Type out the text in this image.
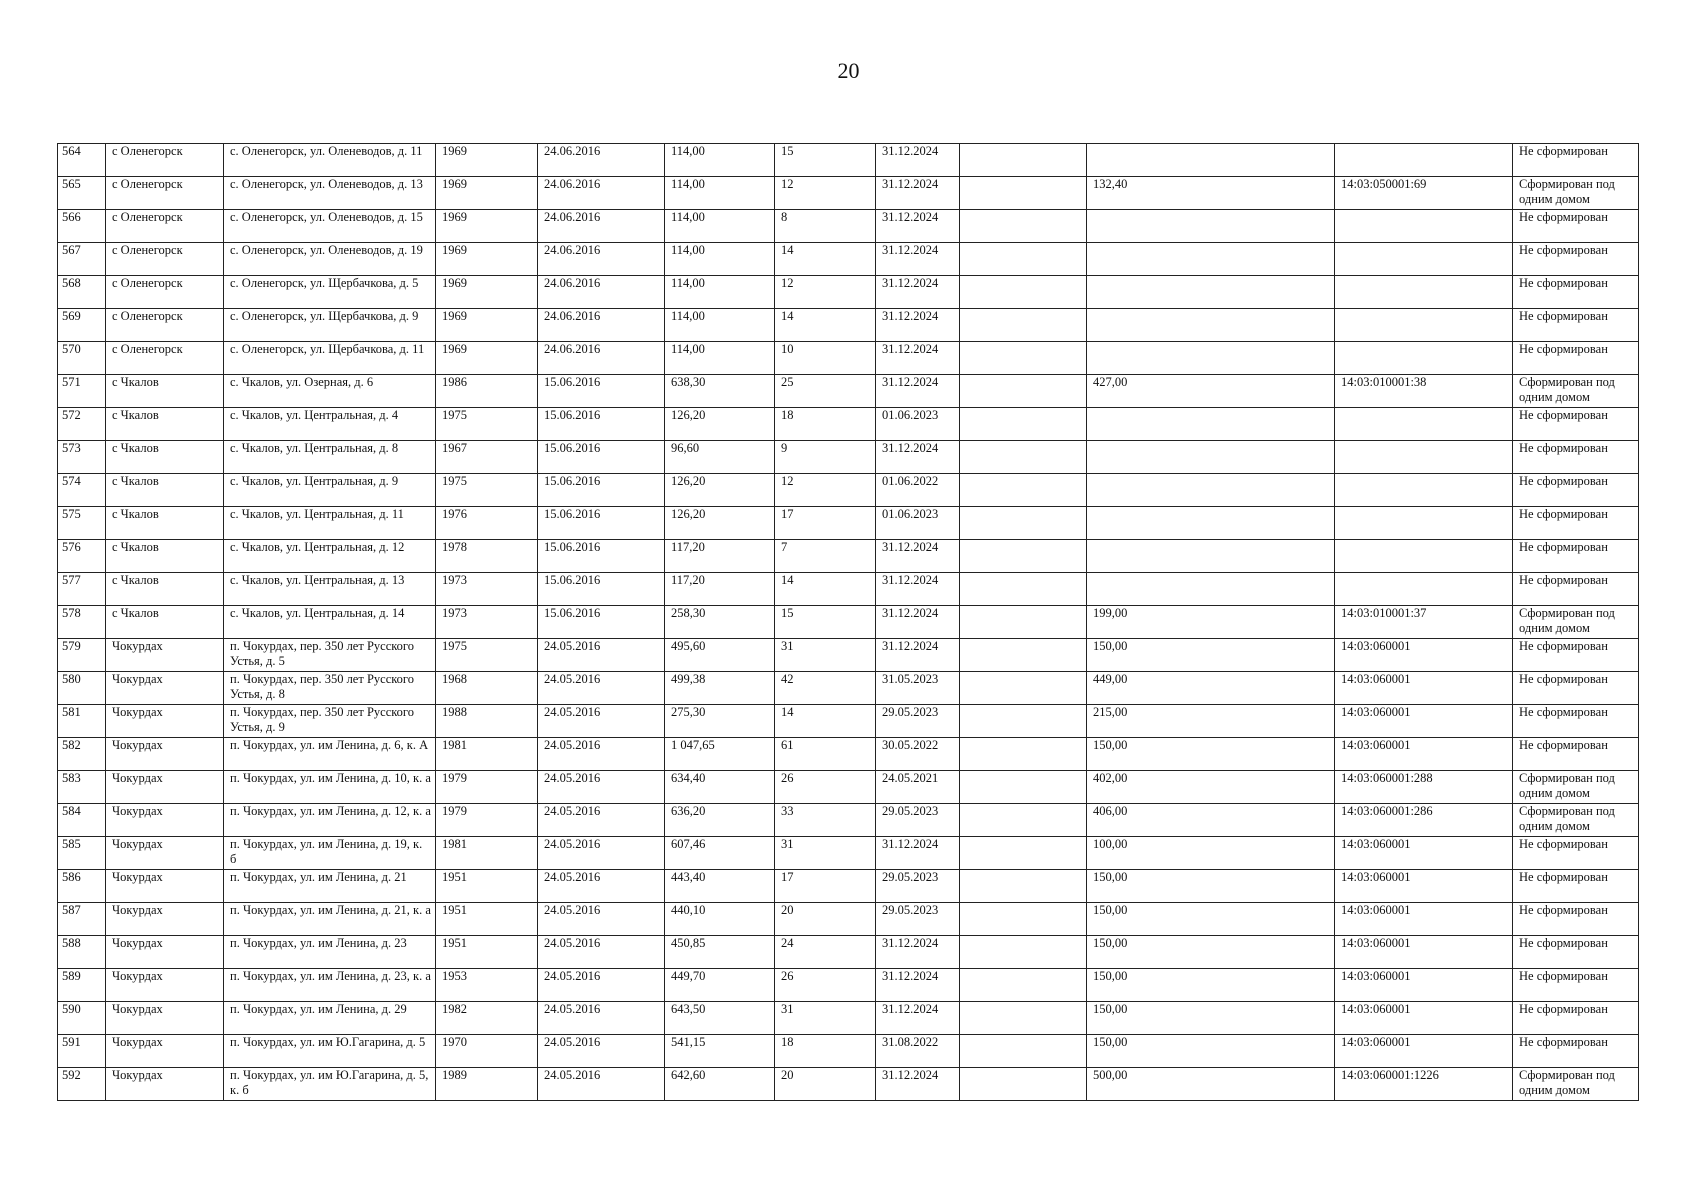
20
564	с Оленегорск	с. Оленегорск, ул. Оленеводов, д. 11	1969	24.06.2016	114,00	15	31.12.2024				Не сформирован
565	с Оленегорск	с. Оленегорск, ул. Оленеводов, д. 13	1969	24.06.2016	114,00	12	31.12.2024		132,40	14:03:050001:69	Сформирован под одним домом
566	с Оленегорск	с. Оленегорск, ул. Оленеводов, д. 15	1969	24.06.2016	114,00	8	31.12.2024				Не сформирован
567	с Оленегорск	с. Оленегорск, ул. Оленеводов, д. 19	1969	24.06.2016	114,00	14	31.12.2024				Не сформирован
568	с Оленегорск	с. Оленегорск, ул. Щербачкова, д. 5	1969	24.06.2016	114,00	12	31.12.2024				Не сформирован
569	с Оленегорск	с. Оленегорск, ул. Щербачкова, д. 9	1969	24.06.2016	114,00	14	31.12.2024				Не сформирован
570	с Оленегорск	с. Оленегорск, ул. Щербачкова, д. 11	1969	24.06.2016	114,00	10	31.12.2024				Не сформирован
571	с Чкалов	с. Чкалов, ул. Озерная, д. 6	1986	15.06.2016	638,30	25	31.12.2024		427,00	14:03:010001:38	Сформирован под одним домом
572	с Чкалов	с. Чкалов, ул. Центральная, д. 4	1975	15.06.2016	126,20	18	01.06.2023				Не сформирован
573	с Чкалов	с. Чкалов, ул. Центральная, д. 8	1967	15.06.2016	96,60	9	31.12.2024				Не сформирован
574	с Чкалов	с. Чкалов, ул. Центральная, д. 9	1975	15.06.2016	126,20	12	01.06.2022				Не сформирован
575	с Чкалов	с. Чкалов, ул. Центральная, д. 11	1976	15.06.2016	126,20	17	01.06.2023				Не сформирован
576	с Чкалов	с. Чкалов, ул. Центральная, д. 12	1978	15.06.2016	117,20	7	31.12.2024				Не сформирован
577	с Чкалов	с. Чкалов, ул. Центральная, д. 13	1973	15.06.2016	117,20	14	31.12.2024				Не сформирован
578	с Чкалов	с. Чкалов, ул. Центральная, д. 14	1973	15.06.2016	258,30	15	31.12.2024		199,00	14:03:010001:37	Сформирован под одним домом
579	Чокурдах	п. Чокурдах, пер. 350 лет Русского Устья, д. 5	1975	24.05.2016	495,60	31	31.12.2024		150,00	14:03:060001	Не сформирован
580	Чокурдах	п. Чокурдах, пер. 350 лет Русского Устья, д. 8	1968	24.05.2016	499,38	42	31.05.2023		449,00	14:03:060001	Не сформирован
581	Чокурдах	п. Чокурдах, пер. 350 лет Русского Устья, д. 9	1988	24.05.2016	275,30	14	29.05.2023		215,00	14:03:060001	Не сформирован
582	Чокурдах	п. Чокурдах, ул. им Ленина, д. 6, к. А	1981	24.05.2016	1 047,65	61	30.05.2022		150,00	14:03:060001	Не сформирован
583	Чокурдах	п. Чокурдах, ул. им Ленина, д. 10, к. а	1979	24.05.2016	634,40	26	24.05.2021		402,00	14:03:060001:288	Сформирован под одним домом
584	Чокурдах	п. Чокурдах, ул. им Ленина, д. 12, к. а	1979	24.05.2016	636,20	33	29.05.2023		406,00	14:03:060001:286	Сформирован под одним домом
585	Чокурдах	п. Чокурдах, ул. им Ленина, д. 19, к. б	1981	24.05.2016	607,46	31	31.12.2024		100,00	14:03:060001	Не сформирован
586	Чокурдах	п. Чокурдах, ул. им Ленина, д. 21	1951	24.05.2016	443,40	17	29.05.2023		150,00	14:03:060001	Не сформирован
587	Чокурдах	п. Чокурдах, ул. им Ленина, д. 21, к. а	1951	24.05.2016	440,10	20	29.05.2023		150,00	14:03:060001	Не сформирован
588	Чокурдах	п. Чокурдах, ул. им Ленина, д. 23	1951	24.05.2016	450,85	24	31.12.2024		150,00	14:03:060001	Не сформирован
589	Чокурдах	п. Чокурдах, ул. им Ленина, д. 23, к. а	1953	24.05.2016	449,70	26	31.12.2024		150,00	14:03:060001	Не сформирован
590	Чокурдах	п. Чокурдах, ул. им Ленина, д. 29	1982	24.05.2016	643,50	31	31.12.2024		150,00	14:03:060001	Не сформирован
591	Чокурдах	п. Чокурдах, ул. им Ю.Гагарина, д. 5	1970	24.05.2016	541,15	18	31.08.2022		150,00	14:03:060001	Не сформирован
592	Чокурдах	п. Чокурдах, ул. им Ю.Гагарина, д. 5, к. б	1989	24.05.2016	642,60	20	31.12.2024		500,00	14:03:060001:1226	Сформирован под одним домом
